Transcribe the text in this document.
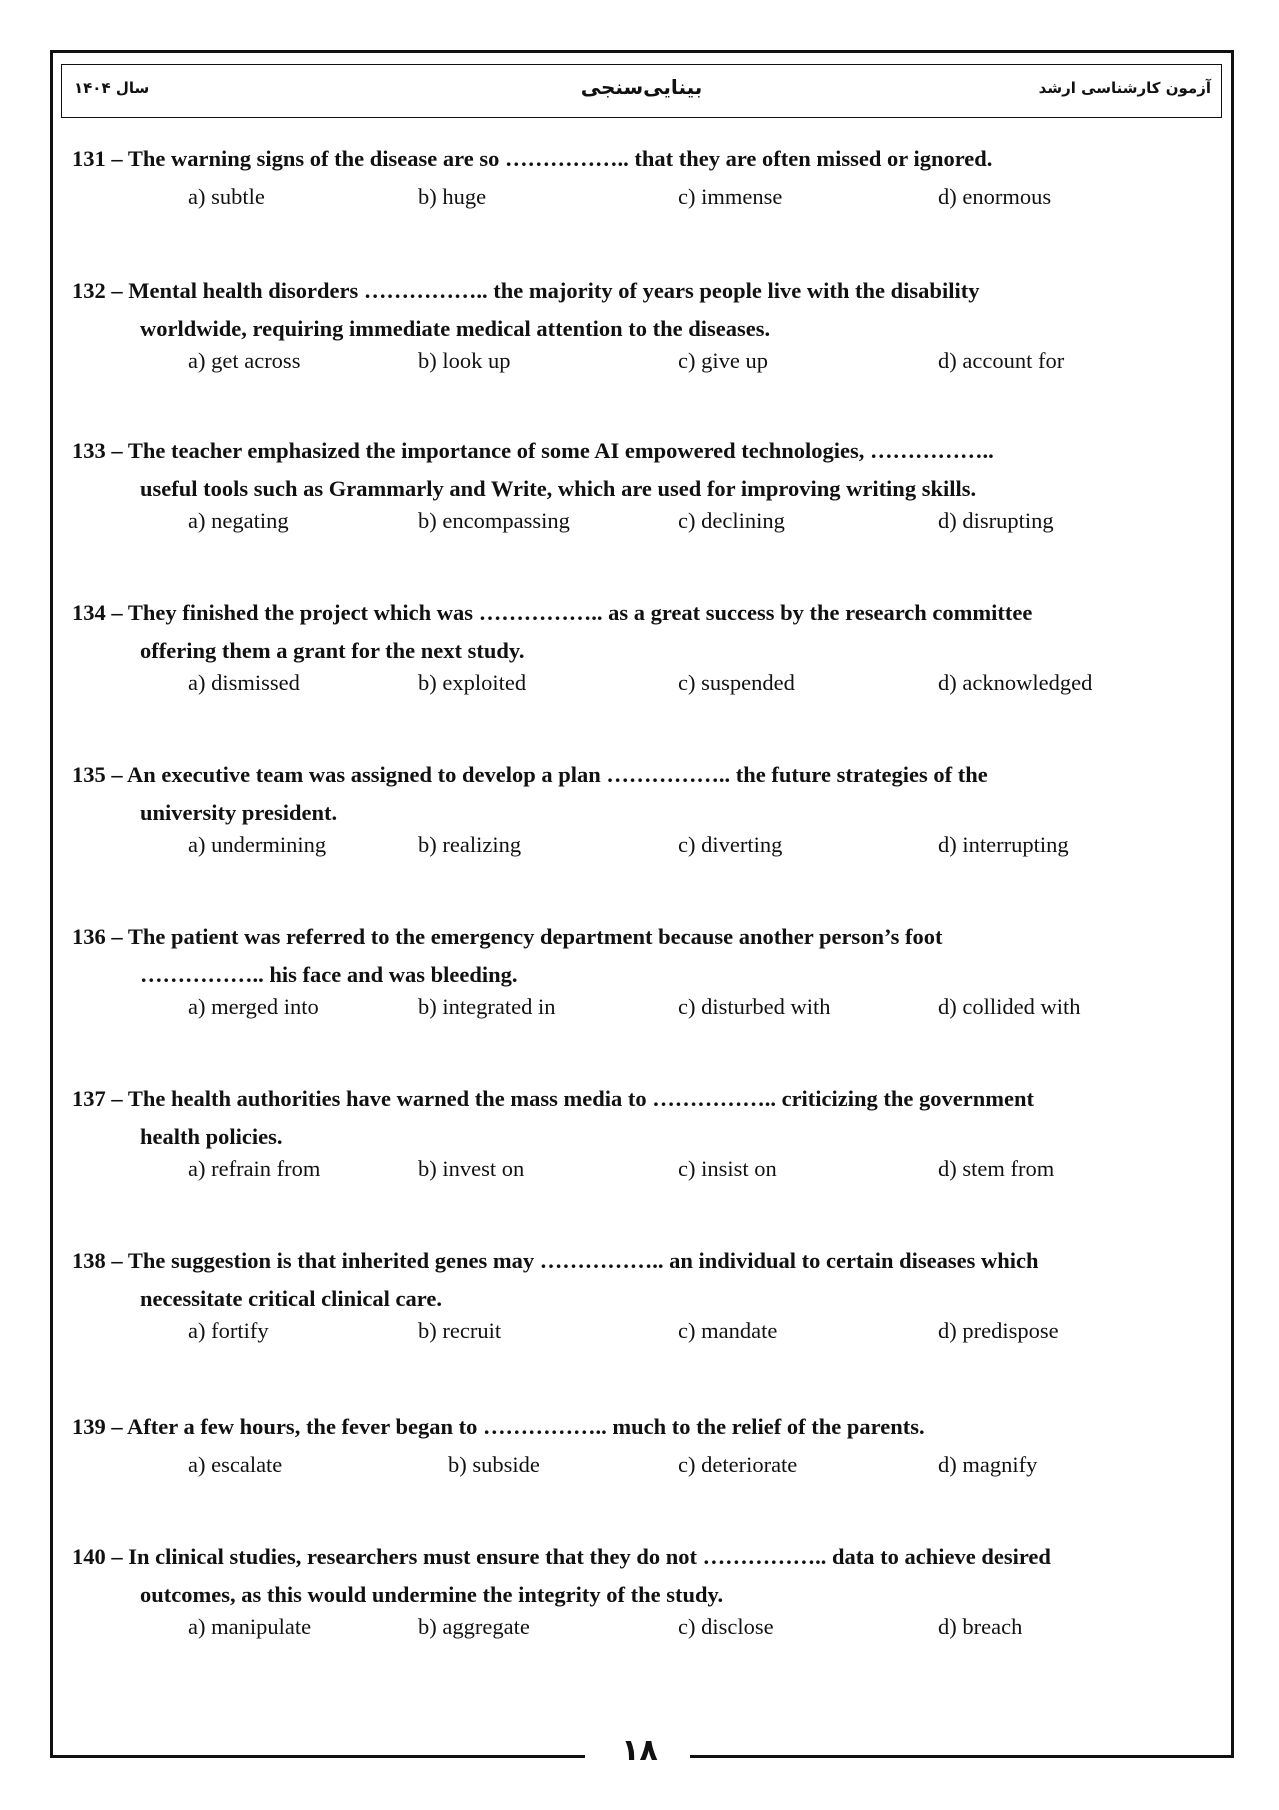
آزمون کارشناسی ارشد
بینایی‌سنجی
سال ۱۴۰۴
131 ‒ The warning signs of the disease are so …………….. that they are often missed or ignored.
a) subtle	b) huge	c) immense	d) enormous
132 ‒ Mental health disorders …………….. the majority of years people live with the disability
worldwide, requiring immediate medical attention to the diseases.
a) get across	b) look up	c) give up	d) account for
133 ‒ The teacher emphasized the importance of some AI empowered technologies, ……………..
useful tools such as Grammarly and Write, which are used for improving writing skills.
a) negating	b) encompassing	c) declining	d) disrupting
134 ‒ They finished the project which was …………….. as a great success by the research committee
offering them a grant for the next study.
a) dismissed	b) exploited	c) suspended	d) acknowledged
135 ‒ An executive team was assigned to develop a plan …………….. the future strategies of the
university president.
a) undermining	b) realizing	c) diverting	d) interrupting
136 ‒ The patient was referred to the emergency department because another person’s foot
…………….. his face and was bleeding.
a) merged into	b) integrated in	c) disturbed with	d) collided with
137 ‒ The health authorities have warned the mass media to …………….. criticizing the government
health policies.
a) refrain from	b) invest on	c) insist on	d) stem from
138 ‒ The suggestion is that inherited genes may …………….. an individual to certain diseases which
necessitate critical clinical care.
a) fortify	b) recruit	c) mandate	d) predispose
139 ‒ After a few hours, the fever began to …………….. much to the relief of the parents.
a) escalate	b) subside	c) deteriorate	d) magnify
140 ‒ In clinical studies, researchers must ensure that they do not …………….. data to achieve desired
outcomes, as this would undermine the integrity of the study.
a) manipulate	b) aggregate	c) disclose	d) breach
۱۸
